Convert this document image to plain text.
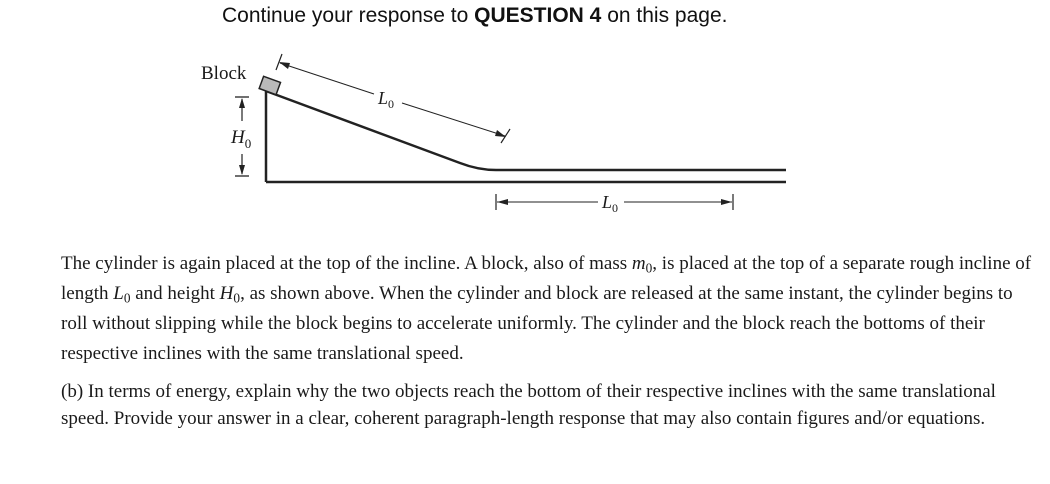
Continue your response to QUESTION 4 on this page.
Block
$H_0$
$L_0$
$L_0$

The cylinder is again placed at the top of the incline. A block, also of mass $m_0$, is placed at the top of a separate rough incline of length $L_0$ and height $H_0$, as shown above. When the cylinder and block are released at the same instant, the cylinder begins to roll without slipping while the block begins to accelerate uniformly. The cylinder and the block reach the bottoms of their respective inclines with the same translational speed.

(b) In terms of energy, explain why the two objects reach the bottom of their respective inclines with the same translational speed. Provide your answer in a clear, coherent paragraph-length response that may also contain figures and/or equations.
